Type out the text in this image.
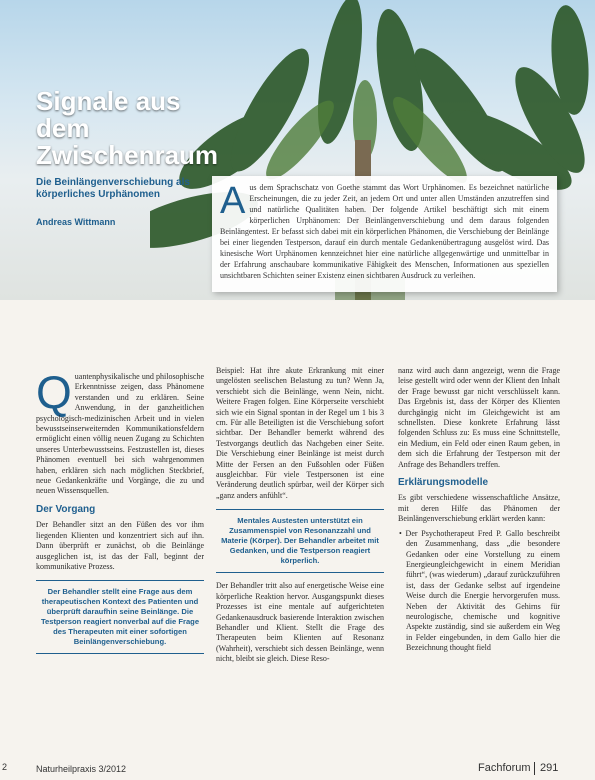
Signale aus dem Zwischenraum
Die Beinlängenverschiebung als körperliches Urphänomen
Andreas Wittmann	A us dem Sprachschatz von Goethe stammt das Wort Urphänomen. Es bezeichnet natürliche Erscheinungen, die zu jeder Zeit, an jedem Ort und unter allen Umständen anzutreffen sind und natürliche Qualitäten haben. Der folgende Artikel beschäftigt sich mit einem körperlichen Urphänomen: Der Beinlängenverschiebung und dem daraus folgenden Beinlängentest. Er befasst sich dabei mit ein körperlichen Phänomen, die Verschiebung der Beinlänge bei einer liegenden Testperson, darauf ein durch mentale Gedankenübertragung ausgelöst wird. Das kinesische Wort Urphänomen kennzeichnet hier eine natürliche allgegenwärtige und unmittelbar in der Erfahrung anschaubare kommunikative Fähigkeit des Menschen, Informationen aus speziellen unsichtbaren Schichten seiner Existenz einen sichtbaren Ausdruck zu verleihen.

Q uantenphysikalische und philosophische Erkenntnisse zeigen, dass Phänomene verstanden und zu erklären. Seine Anwendung, in der ganzheitlichen psychologisch-medizinischen Arbeit und in vielen bewusstseinserweiternden Kommunikationsfeldern ermöglicht einen völlig neuen Zugang zu Schichten unseres Unterbewusstseins. Festzustellen ist, dieses Phänomen eventuell bei sich wahrgenommen haben, erklären sich nach möglichen Steckbrief, neue Gedankenkräfte und Vorgänge, die zu und neuen Wissensquellen.

Der Vorgang

Der Behandler sitzt an den Füßen des vor ihm liegenden Klienten und konzentriert sich auf ihn. Dann überprüft er zunächst, ob die Beinlänge ausgeglichen ist, ist das der Fall, beginnt der kommunikative Prozess.

Der Behandler stellt eine Frage aus dem therapeutischen Kontext des Patienten und überprüft daraufhin seine Beinlänge. Die Testperson reagiert nonverbal auf die Frage des Therapeuten mit einer sofortigen Beinlängenverschiebung.

Beispiel: Hat ihre akute Erkrankung mit einer ungelösten seelischen Belastung zu tun? Wenn Ja, verschiebt sich die Beinlänge, wenn Nein, nicht. Weitere Fragen folgen. Eine Körperseite verschiebt sich wie ein Signal spontan in der Regel um 1 bis 3 cm. Für alle Beteiligten ist die Verschiebung sofort sichtbar. Der Behandler bemerkt während des Testvorgangs deutlich das Nachgeben einer Seite. Die Verschiebung einer Beinlänge ist meist durch Mitte der Fersen an den Fußsohlen oder Füßen ausgleichbar. Für viele Testpersonen ist eine Veränderung deutlich spürbar, weil der Körper sich „ganz anders anfühlt“.

Mentales Austesten unterstützt ein Zusammenspiel von Resonanzzahl und Materie (Körper). Der Behandler arbeitet mit Gedanken, und die Testperson reagiert körperlich.

Der Behandler tritt also auf energetische Weise eine körperliche Reaktion hervor. Ausgangspunkt dieses Prozesses ist eine mentale auf aufgerichteten Gedankenausdruck basierende Interaktion zwischen Behandler und Klient. Stellt die Frage des Therapeuten beim Klienten auf Resonanz (Wahrheit), verschiebt sich dessen Beinlänge, wenn nicht, bleibt sie gleich. Diese Reso-

nanz wird auch dann angezeigt, wenn die Frage leise gestellt wird oder wenn der Klient den Inhalt der Frage bewusst gar nicht verschlüsselt kann. Das Ergebnis ist, dass der Körper des Klienten durchgängig nicht im Gleichgewicht ist am schnellsten. Diese konkrete Erfahrung lässt folgenden Schluss zu: Es muss eine Schnittstelle, ein Medium, ein Feld oder einen Raum geben, in dem sich die Erfahrung der Testperson mit der Anfrage des Behandlers treffen.

Erklärungsmodelle

Es gibt verschiedene wissenschaftliche Ansätze, mit deren Hilfe das Phänomen der Beinlängenverschiebung erklärt werden kann:

• Der Psychotherapeut Fred P. Gallo beschreibt den Zusammenhang, dass „die besondere Gedanken oder eine Vorstellung zu einem Energieungleichgewicht in einem Meridian führt“, (was wiederum) „darauf zurückzuführen ist, dass der Gedanke selbst auf irgendeine Weise durch die Energie hervorgerufen muss. Neben der Aktivität des Gehirns für neurologische, chemische und kognitive Aspekte zuständig, sind sie außerdem ein Weg in Felder eingebunden, in dem Gallo hier die Bezeichnung thought field

2	Naturheilpraxis 3/2012	Fachforum 291
